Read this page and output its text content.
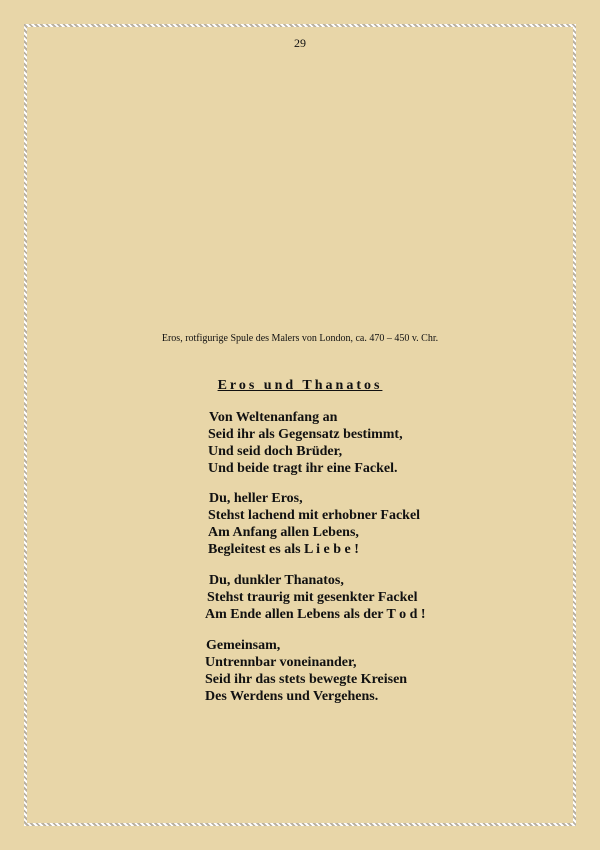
29
Eros, rotfigurige Spule des Malers von London, ca. 470 – 450 v. Chr.
Eros und Thanatos
Von Weltenanfang an
Seid ihr als Gegensatz bestimmt,
Und seid doch Brüder,
Und beide tragt ihr eine Fackel.
Du, heller Eros,
Stehst lachend mit erhobner Fackel
Am Anfang allen Lebens,
Begleitest es als L i e b e !
Du, dunkler Thanatos,
Stehst traurig mit gesenkter Fackel
Am Ende allen Lebens als der T o d !
Gemeinsam,
Untrennbar voneinander,
Seid ihr das stets bewegte Kreisen
Des Werdens und Vergehens.
